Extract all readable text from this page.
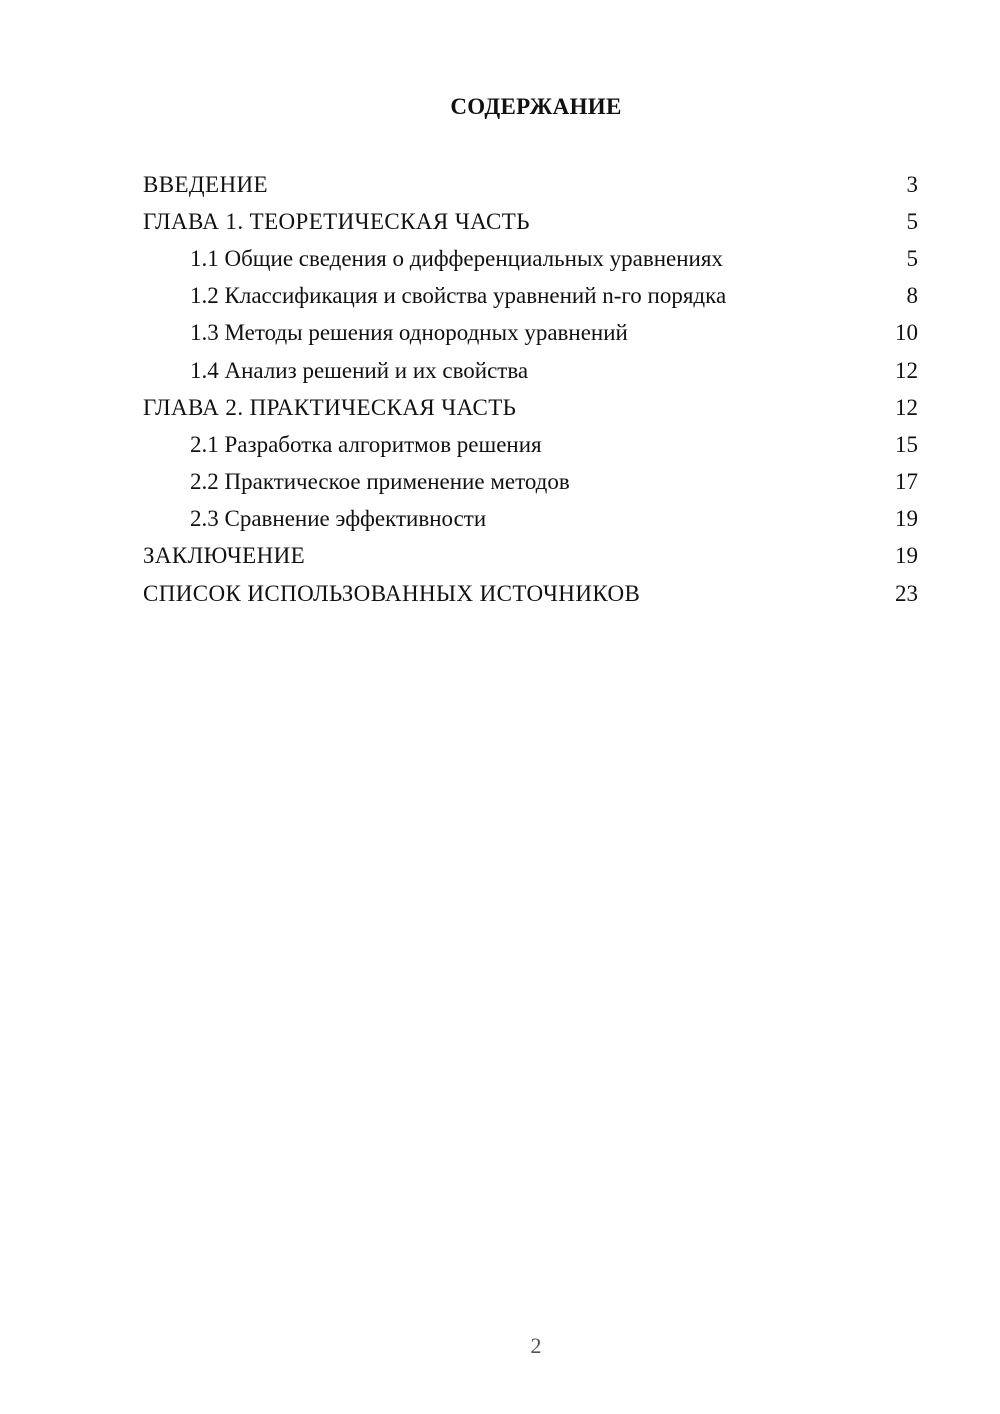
СОДЕРЖАНИЕ
ВВЕДЕНИЕ	3
ГЛАВА 1. ТЕОРЕТИЧЕСКАЯ ЧАСТЬ	5
1.1 Общие сведения о дифференциальных уравнениях	5
1.2 Классификация и свойства уравнений n-го порядка	8
1.3 Методы решения однородных уравнений	10
1.4 Анализ решений и их свойства	12
ГЛАВА 2. ПРАКТИЧЕСКАЯ ЧАСТЬ	12
2.1 Разработка алгоритмов решения	15
2.2 Практическое применение методов	17
2.3 Сравнение эффективности	19
ЗАКЛЮЧЕНИЕ	19
СПИСОК ИСПОЛЬЗОВАННЫХ ИСТОЧНИКОВ	23
2
